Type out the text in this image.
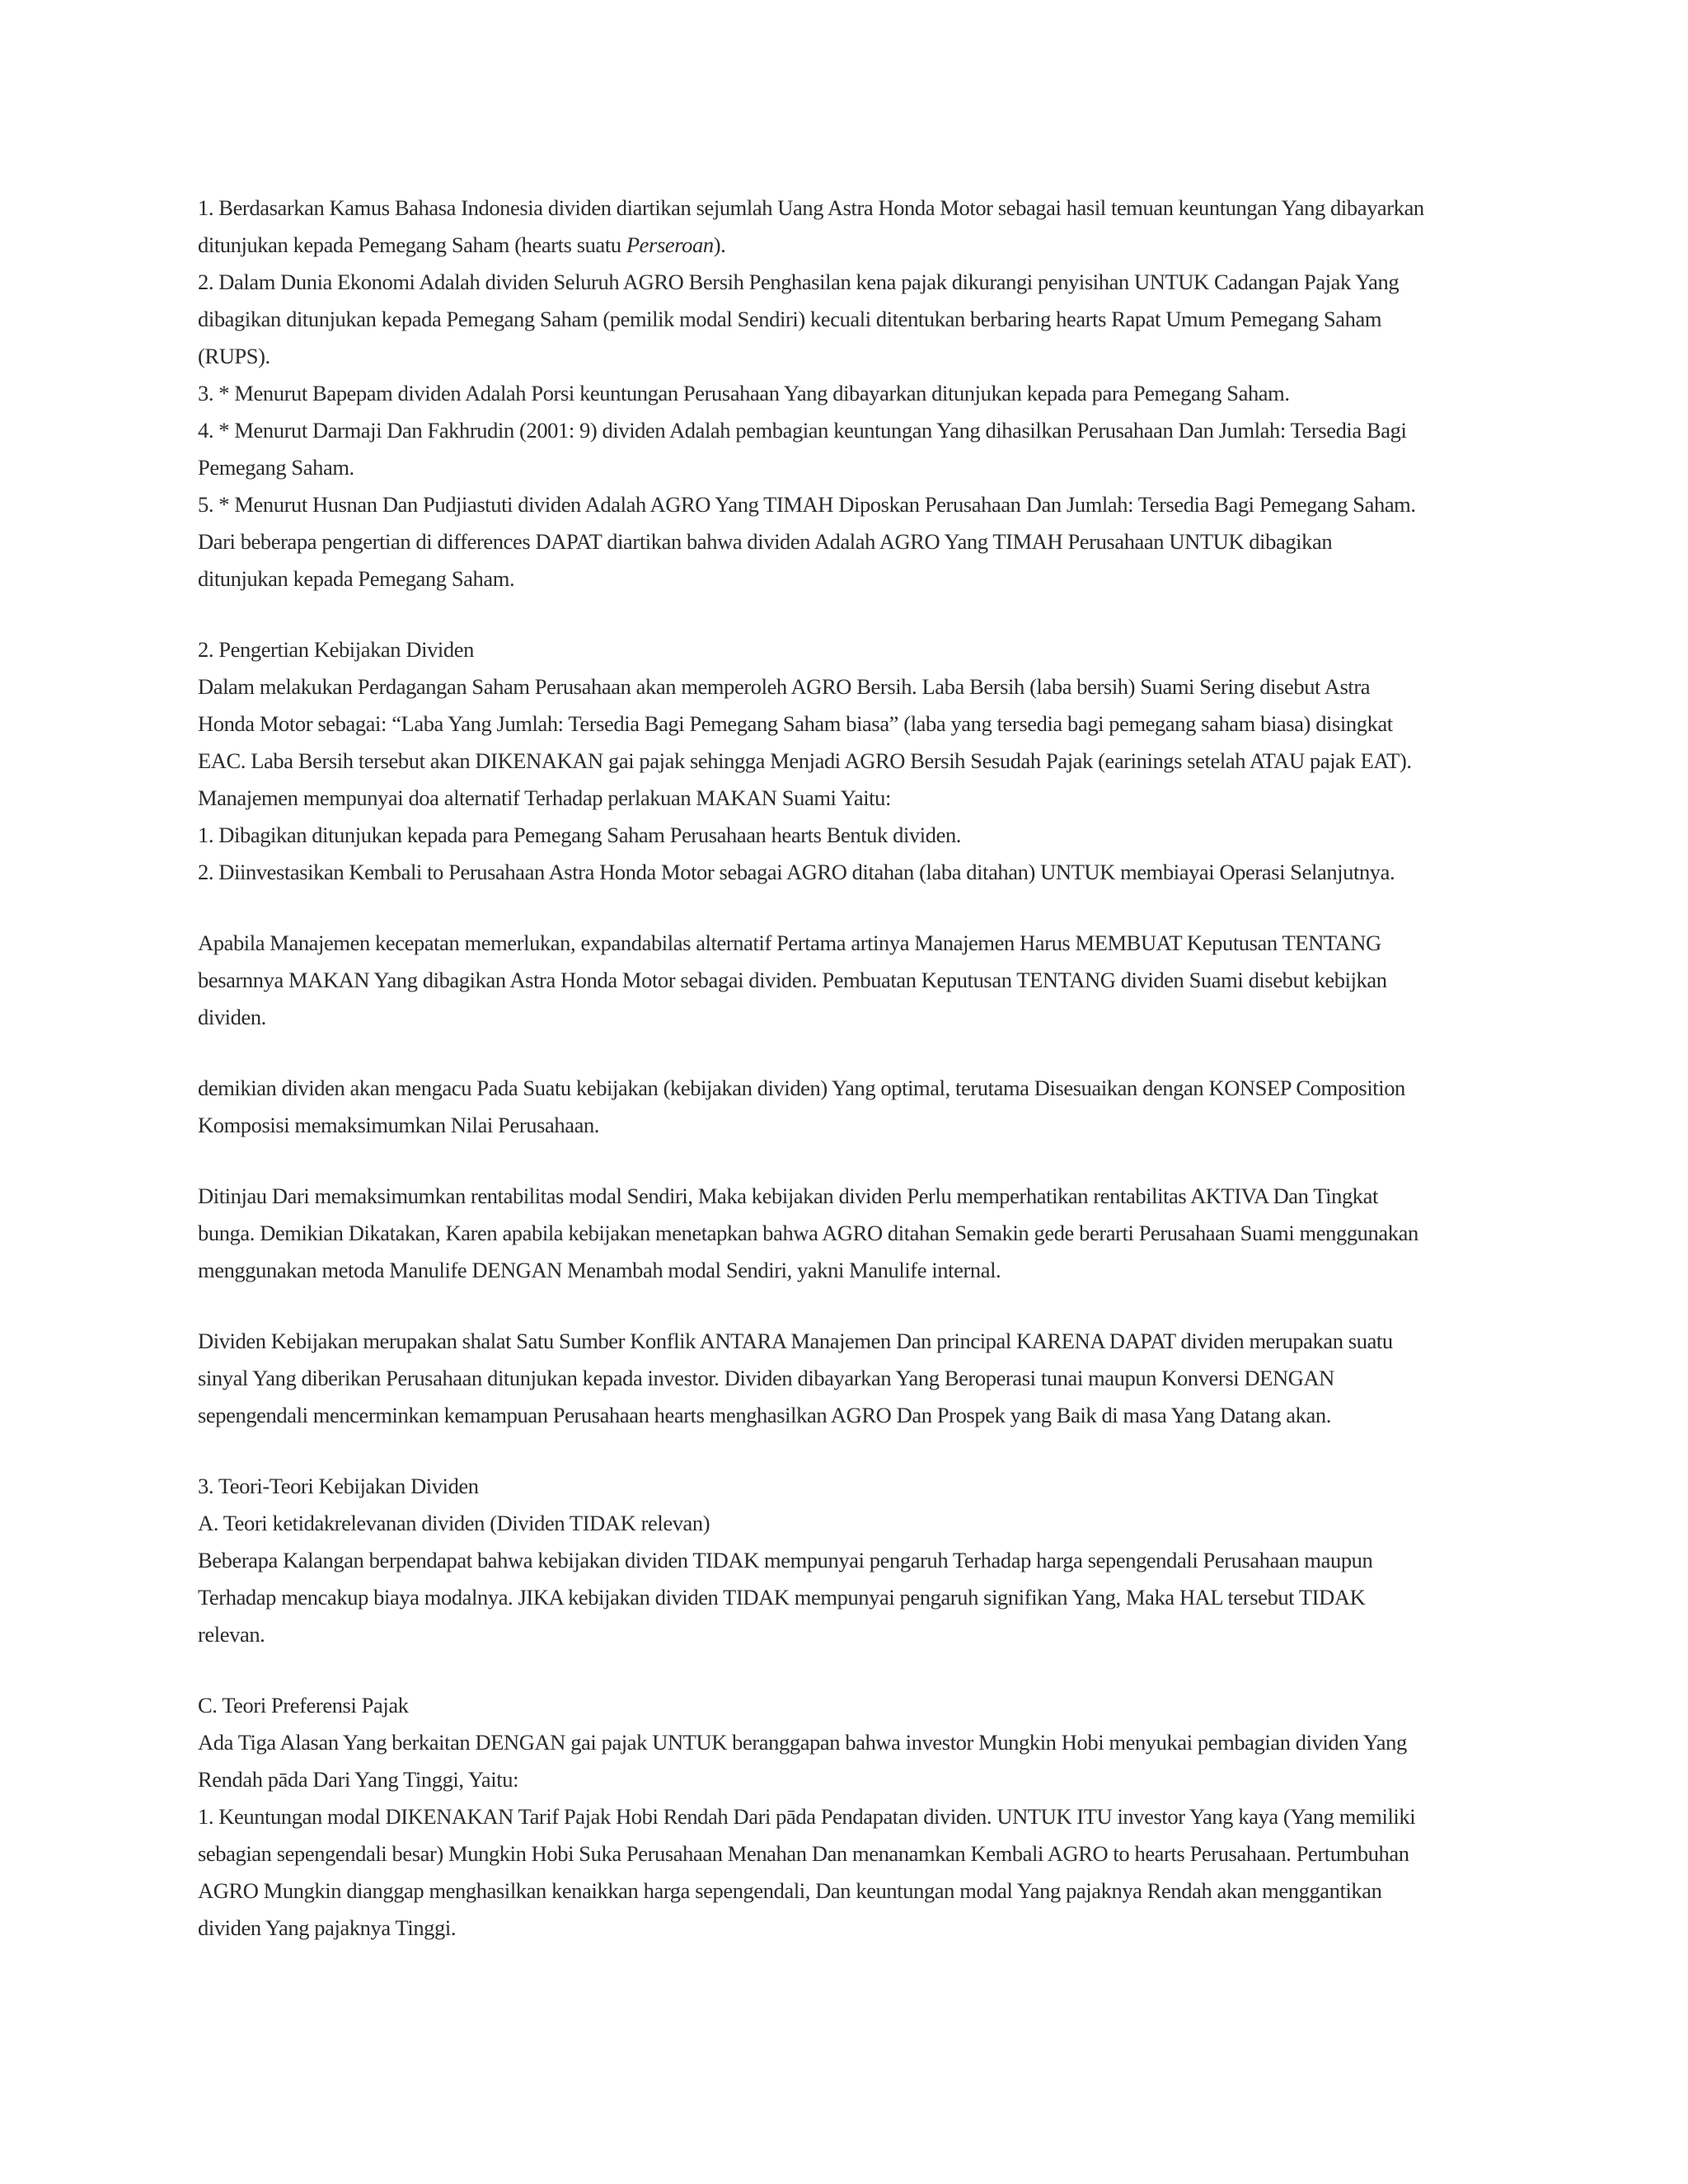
1. Berdasarkan Kamus Bahasa Indonesia dividen diartikan sejumlah Uang Astra Honda Motor sebagai hasil temuan keuntungan Yang dibayarkan
ditunjukan kepada Pemegang Saham (hearts suatu Perseroan).
2. Dalam Dunia Ekonomi Adalah dividen Seluruh AGRO Bersih Penghasilan kena pajak dikurangi penyisihan UNTUK Cadangan Pajak Yang
dibagikan ditunjukan kepada Pemegang Saham (pemilik modal Sendiri) kecuali ditentukan berbaring hearts Rapat Umum Pemegang Saham
(RUPS).
3. * Menurut Bapepam dividen Adalah Porsi keuntungan Perusahaan Yang dibayarkan ditunjukan kepada para Pemegang Saham.
4. * Menurut Darmaji Dan Fakhrudin (2001: 9) dividen Adalah pembagian keuntungan Yang dihasilkan Perusahaan Dan Jumlah: Tersedia Bagi
Pemegang Saham.
5. * Menurut Husnan Dan Pudjiastuti dividen Adalah AGRO Yang TIMAH Diposkan Perusahaan Dan Jumlah: Tersedia Bagi Pemegang Saham.
Dari beberapa pengertian di differences DAPAT diartikan bahwa dividen Adalah AGRO Yang TIMAH Perusahaan UNTUK dibagikan
ditunjukan kepada Pemegang Saham.
2. Pengertian Kebijakan Dividen
Dalam melakukan Perdagangan Saham Perusahaan akan memperoleh AGRO Bersih. Laba Bersih (laba bersih) Suami Sering disebut Astra
Honda Motor sebagai: “Laba Yang Jumlah: Tersedia Bagi Pemegang Saham biasa” (laba yang tersedia bagi pemegang saham biasa) disingkat
EAC. Laba Bersih tersebut akan DIKENAKAN gai pajak sehingga Menjadi AGRO Bersih Sesudah Pajak (earinings setelah ATAU pajak EAT).
Manajemen mempunyai doa alternatif Terhadap perlakuan MAKAN Suami Yaitu:
1. Dibagikan ditunjukan kepada para Pemegang Saham Perusahaan hearts Bentuk dividen.
2. Diinvestasikan Kembali to Perusahaan Astra Honda Motor sebagai AGRO ditahan (laba ditahan) UNTUK membiayai Operasi Selanjutnya.
Apabila Manajemen kecepatan memerlukan, expandabilas alternatif Pertama artinya Manajemen Harus MEMBUAT Keputusan TENTANG
besarnnya MAKAN Yang dibagikan Astra Honda Motor sebagai dividen. Pembuatan Keputusan TENTANG dividen Suami disebut kebijkan
dividen.
demikian dividen akan mengacu Pada Suatu kebijakan (kebijakan dividen) Yang optimal, terutama Disesuaikan dengan KONSEP Composition
Komposisi memaksimumkan Nilai Perusahaan.
Ditinjau Dari memaksimumkan rentabilitas modal Sendiri, Maka kebijakan dividen Perlu memperhatikan rentabilitas AKTIVA Dan Tingkat
bunga. Demikian Dikatakan, Karen apabila kebijakan menetapkan bahwa AGRO ditahan Semakin gede berarti Perusahaan Suami menggunakan
menggunakan metoda Manulife DENGAN Menambah modal Sendiri, yakni Manulife internal.
Dividen Kebijakan merupakan shalat Satu Sumber Konflik ANTARA Manajemen Dan principal KARENA DAPAT dividen merupakan suatu
sinyal Yang diberikan Perusahaan ditunjukan kepada investor. Dividen dibayarkan Yang Beroperasi tunai maupun Konversi DENGAN
sepengendali mencerminkan kemampuan Perusahaan hearts menghasilkan AGRO Dan Prospek yang Baik di masa Yang Datang akan.
3. Teori-Teori Kebijakan Dividen
A. Teori ketidakrelevanan dividen (Dividen TIDAK relevan)
Beberapa Kalangan berpendapat bahwa kebijakan dividen TIDAK mempunyai pengaruh Terhadap harga sepengendali Perusahaan maupun
Terhadap mencakup biaya modalnya. JIKA kebijakan dividen TIDAK mempunyai pengaruh signifikan Yang, Maka HAL tersebut TIDAK
relevan.
C. Teori Preferensi Pajak
Ada Tiga Alasan Yang berkaitan DENGAN gai pajak UNTUK beranggapan bahwa investor Mungkin Hobi menyukai pembagian dividen Yang
Rendah pāda Dari Yang Tinggi, Yaitu:
1. Keuntungan modal DIKENAKAN Tarif Pajak Hobi Rendah Dari pāda Pendapatan dividen. UNTUK ITU investor Yang kaya (Yang memiliki
sebagian sepengendali besar) Mungkin Hobi Suka Perusahaan Menahan Dan menanamkan Kembali AGRO to hearts Perusahaan. Pertumbuhan
AGRO Mungkin dianggap menghasilkan kenaikkan harga sepengendali, Dan keuntungan modal Yang pajaknya Rendah akan menggantikan
dividen Yang pajaknya Tinggi.
